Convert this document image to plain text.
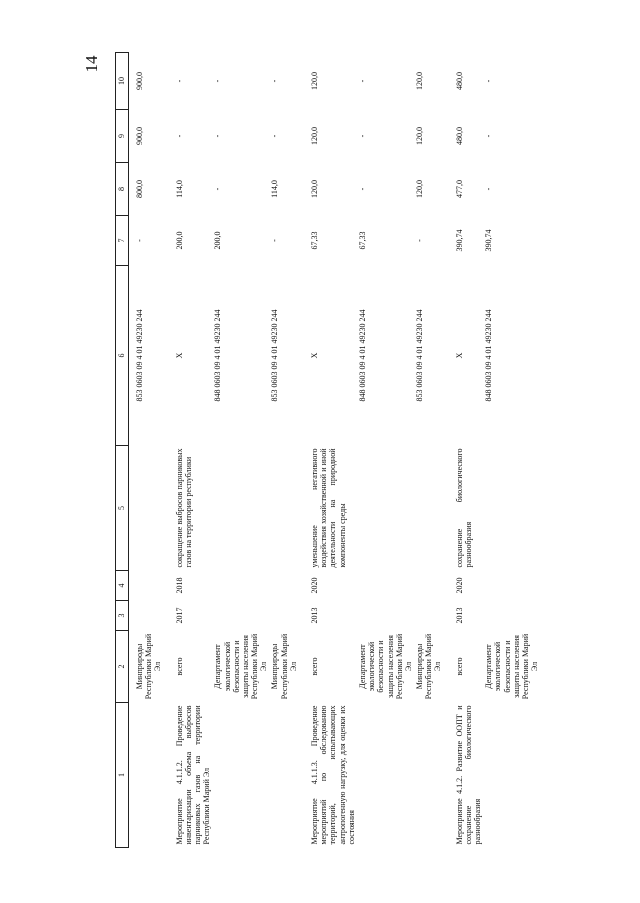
14
1	2	3	4	5	6	7	8	9	10

	Минприроды Республики Марий Эл				853 0603 09 4 01 49230 244	-	800,0	900,0	900,0

Мероприятие 4.1.1.2. Проведение инвентаризации объема выбросов парниковых газов на территории Республики Марий Эл	всего	2017	2018	сокращение выбросов парниковых газов на территории республики	Х	200,0	114,0	-	-
	Департамент экологической безопасности и защиты населения Республики Марий Эл				848 0603 09 4 01 49230 244	200,0	-	-	-
	Минприроды Республики Марий Эл				853 0603 09 4 01 49230 244	-	114,0	-	-

Мероприятие 4.1.1.3. Проведение мероприятий по обследованию территорий, испытывающих антропогенную нагрузку, для оценки их состояния	всего	2013	2020	уменьшение негативного воздействия хозяйственной и иной деятельности на природной компоненты среды	Х	67,33	120,0	120,0	120,0
	Департамент экологической безопасности и защиты населения Республики Марий Эл				848 0603 09 4 01 49230 244	67,33	-	-	-
	Минприроды Республики Марий Эл				853 0603 09 4 01 49230 244	-	120,0	120,0	120,0

Мероприятие 4.1.2. Развитие ООПТ и сохранение биологического разнообразия	всего	2013	2020	сохранение биологического разнообразия	Х	390,74	477,0	480,0	480,0
	Департамент экологической безопасности и защиты населения Республики Марий Эл				848 0603 09 4 01 49230 244	390,74	-	-	-
